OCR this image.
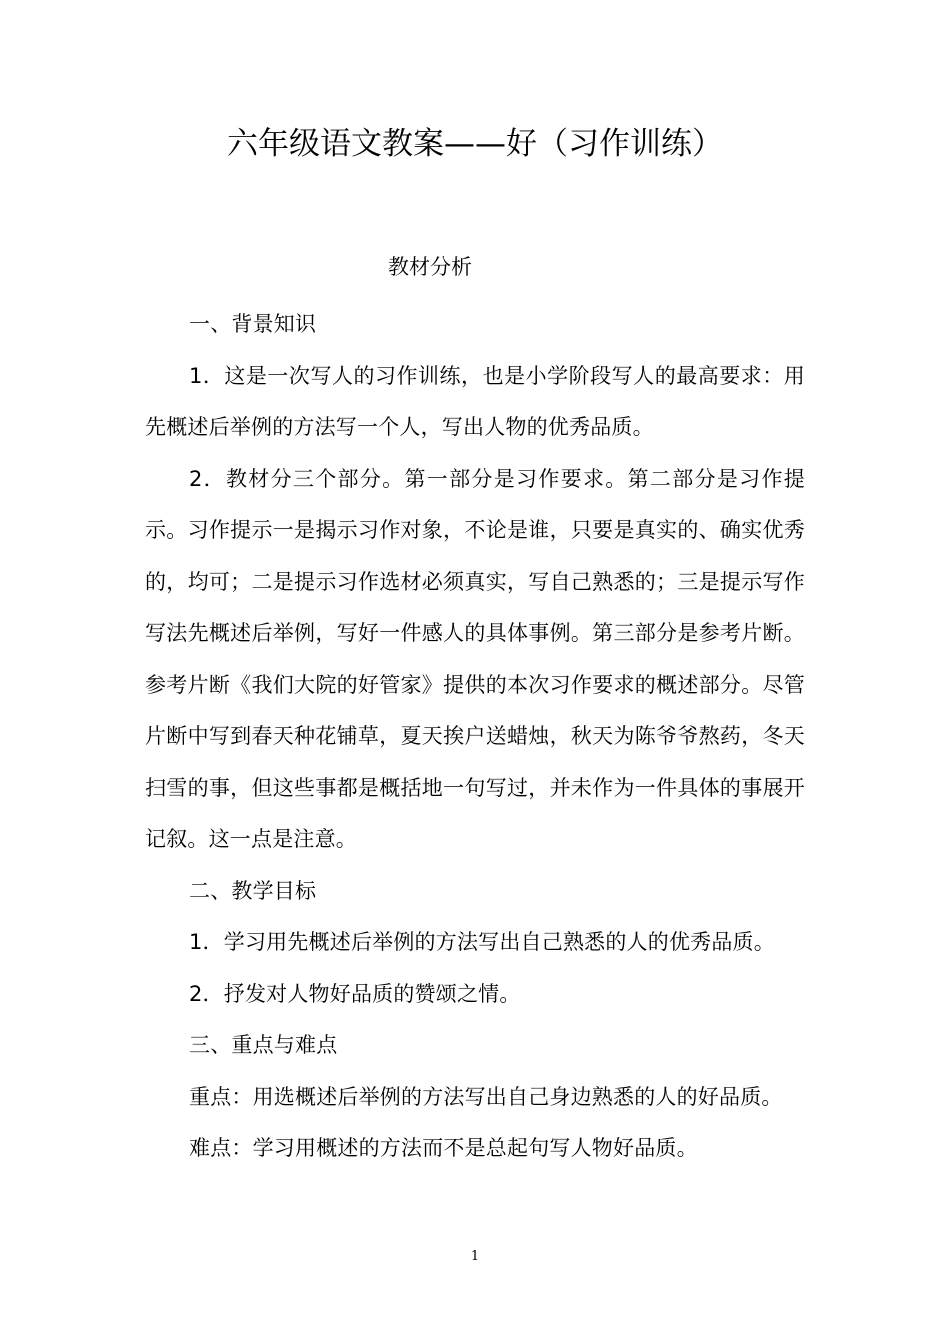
六年级语文教案——好（习作训练）
教材分析

一、背景知识

1．这是一次写人的习作训练，也是小学阶段写人的最高要求：用先概述后举例的方法写一个人，写出人物的优秀品质。

2．教材分三个部分。第一部分是习作要求。第二部分是习作提示。习作提示一是揭示习作对象，不论是谁，只要是真实的、确实优秀的，均可；二是提示习作选材必须真实，写自己熟悉的；三是提示写作写法先概述后举例，写好一件感人的具体事例。第三部分是参考片断。参考片断《我们大院的好管家》提供的本次习作要求的概述部分。尽管片断中写到春天种花铺草，夏天挨户送蜡烛，秋天为陈爷爷熬药，冬天扫雪的事，但这些事都是概括地一句写过，并未作为一件具体的事展开记叙。这一点是注意。

二、教学目标

1．学习用先概述后举例的方法写出自己熟悉的人的优秀品质。

2．抒发对人物好品质的赞颂之情。

三、重点与难点

重点：用选概述后举例的方法写出自己身边熟悉的人的好品质。

难点：学习用概述的方法而不是总起句写人物好品质。

1
